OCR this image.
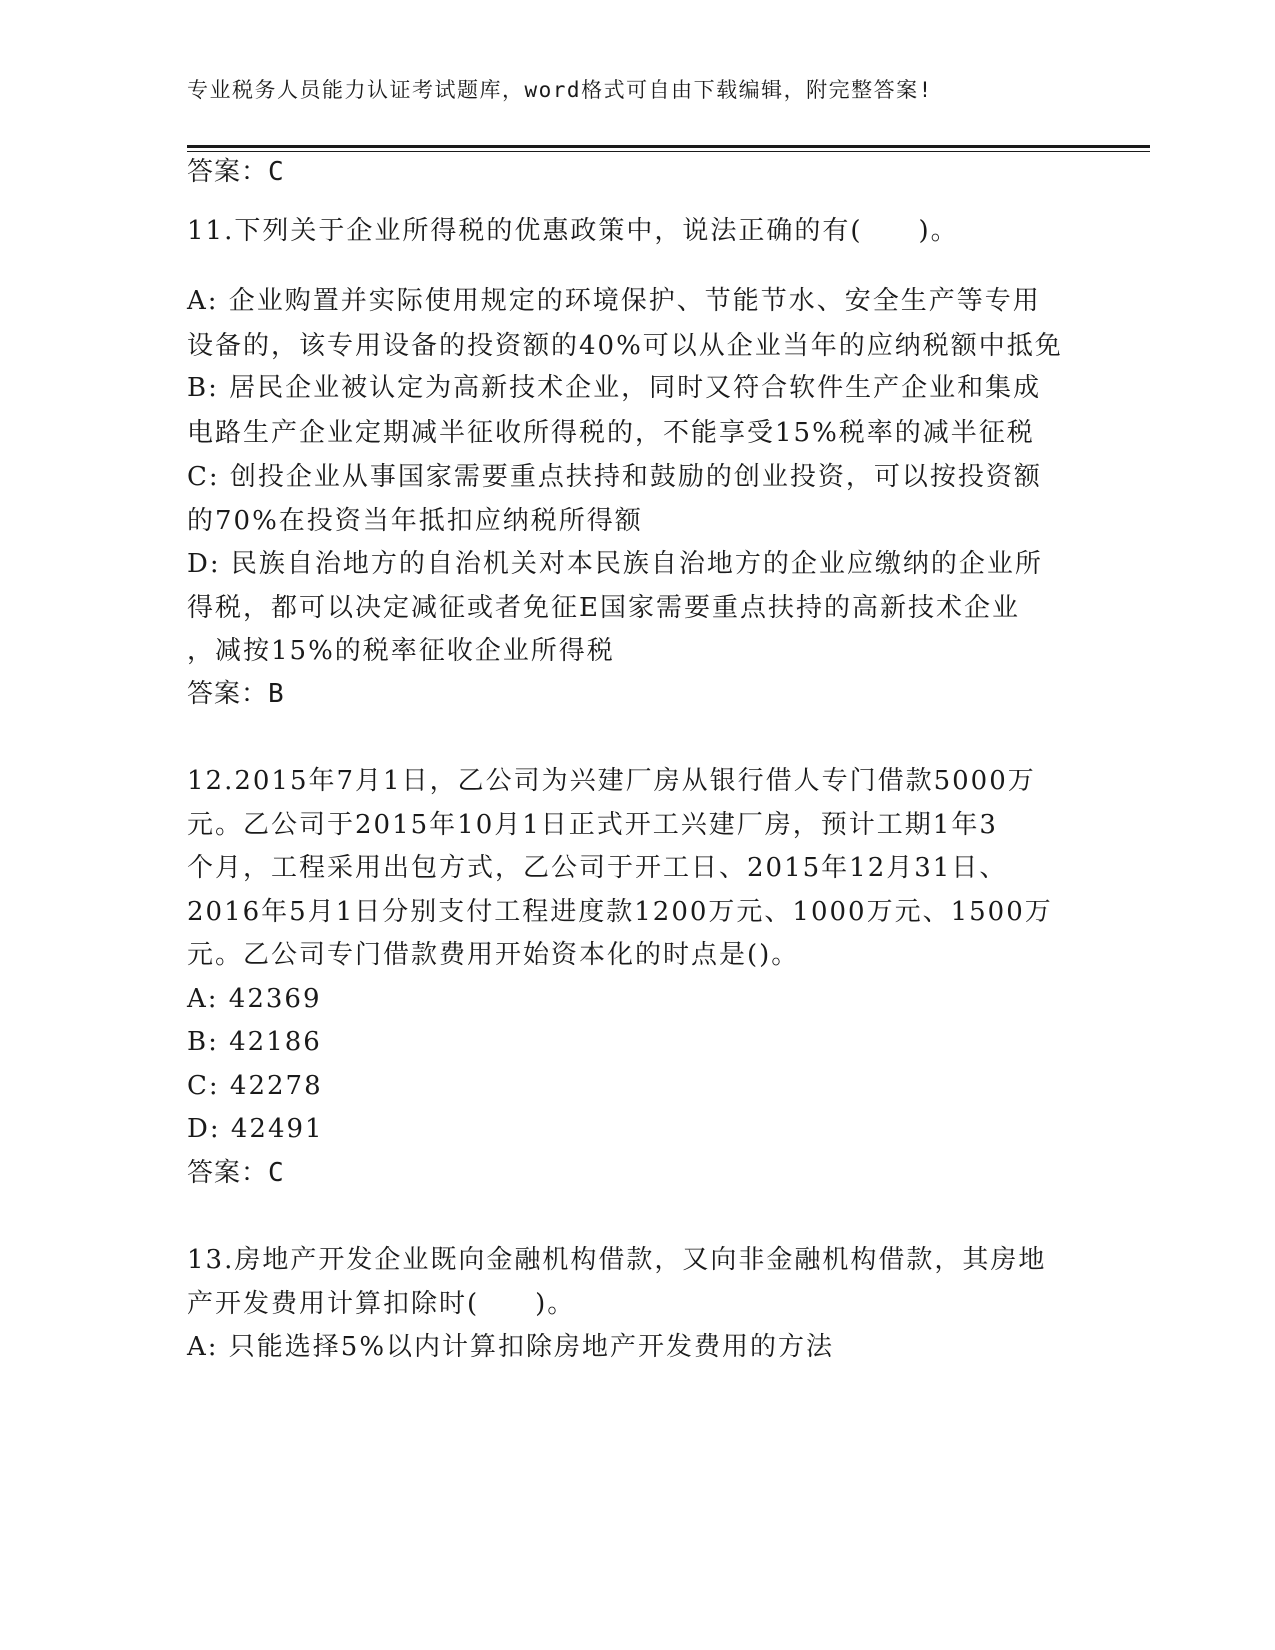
专业税务人员能力认证考试题库，word格式可自由下载编辑，附完整答案!
答案：C
11.下列关于企业所得税的优惠政策中，说法正确的有(　　)。
A: 企业购置并实际使用规定的环境保护、节能节水、安全生产等专用
设备的，该专用设备的投资额的40%可以从企业当年的应纳税额中抵免
B: 居民企业被认定为高新技术企业，同时又符合软件生产企业和集成
电路生产企业定期减半征收所得税的，不能享受15%税率的减半征税
C: 创投企业从事国家需要重点扶持和鼓励的创业投资，可以按投资额
的70%在投资当年抵扣应纳税所得额
D: 民族自治地方的自治机关对本民族自治地方的企业应缴纳的企业所
得税，都可以决定减征或者免征E国家需要重点扶持的高新技术企业
，减按15%的税率征收企业所得税
答案：B
12.2015年7月1日，乙公司为兴建厂房从银行借人专门借款5000万
元。乙公司于2015年10月1日正式开工兴建厂房，预计工期1年3
个月，工程采用出包方式，乙公司于开工日、2015年12月31日、
2016年5月1日分别支付工程进度款1200万元、1000万元、1500万
元。乙公司专门借款费用开始资本化的时点是()。
A: 42369
B: 42186
C: 42278
D: 42491
答案：C
13.房地产开发企业既向金融机构借款，又向非金融机构借款，其房地
产开发费用计算扣除时(　　)。
A: 只能选择5%以内计算扣除房地产开发费用的方法
